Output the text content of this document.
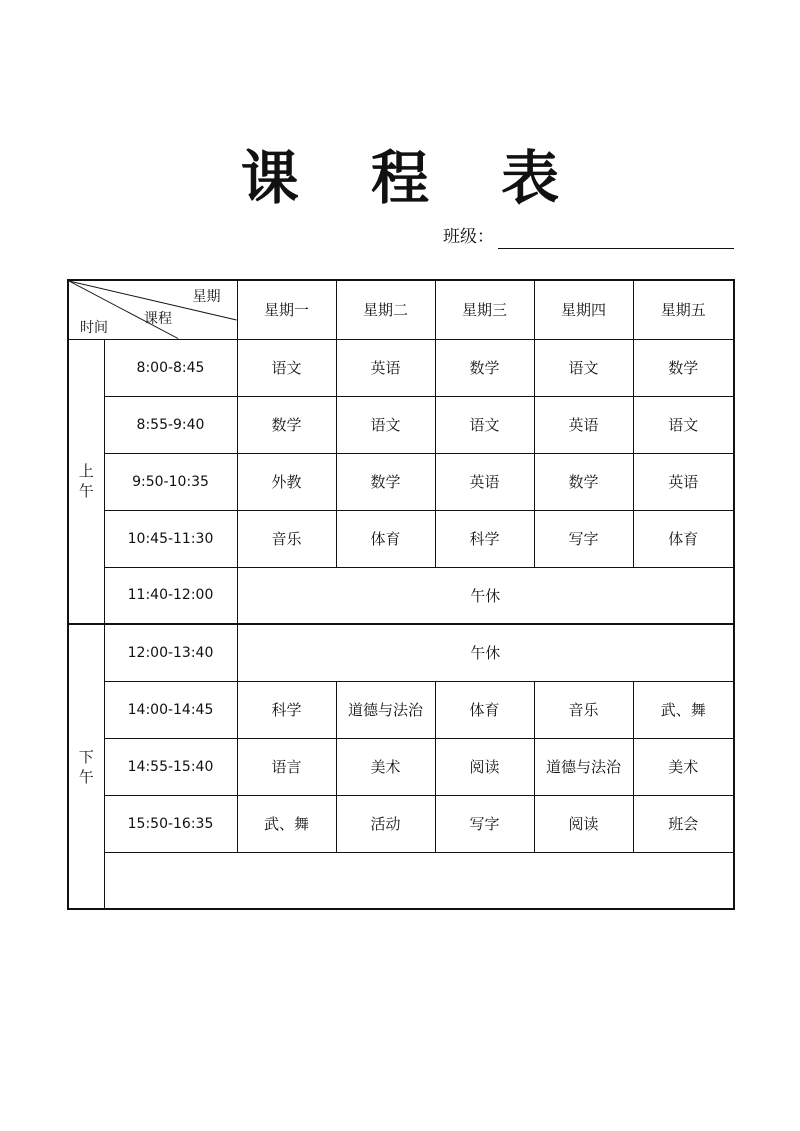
课 程 表
班级：
星期
课程
时间		星期一	星期二	星期三	星期四	星期五
上午	8:00-8:45	语文	英语	数学	语文	数学
	8:55-9:40	数学	语文	语文	英语	语文
	9:50-10:35	外教	数学	英语	数学	英语
	10:45-11:30	音乐	体育	科学	写字	体育
	11:40-12:00	午休				
下午	12:00-13:40	午休				
	14:00-14:45	科学	道德与法治	体育	音乐	武、舞
	14:55-15:40	语言	美术	阅读	道德与法治	美术
	15:50-16:35	武、舞	活动	写字	阅读	班会
